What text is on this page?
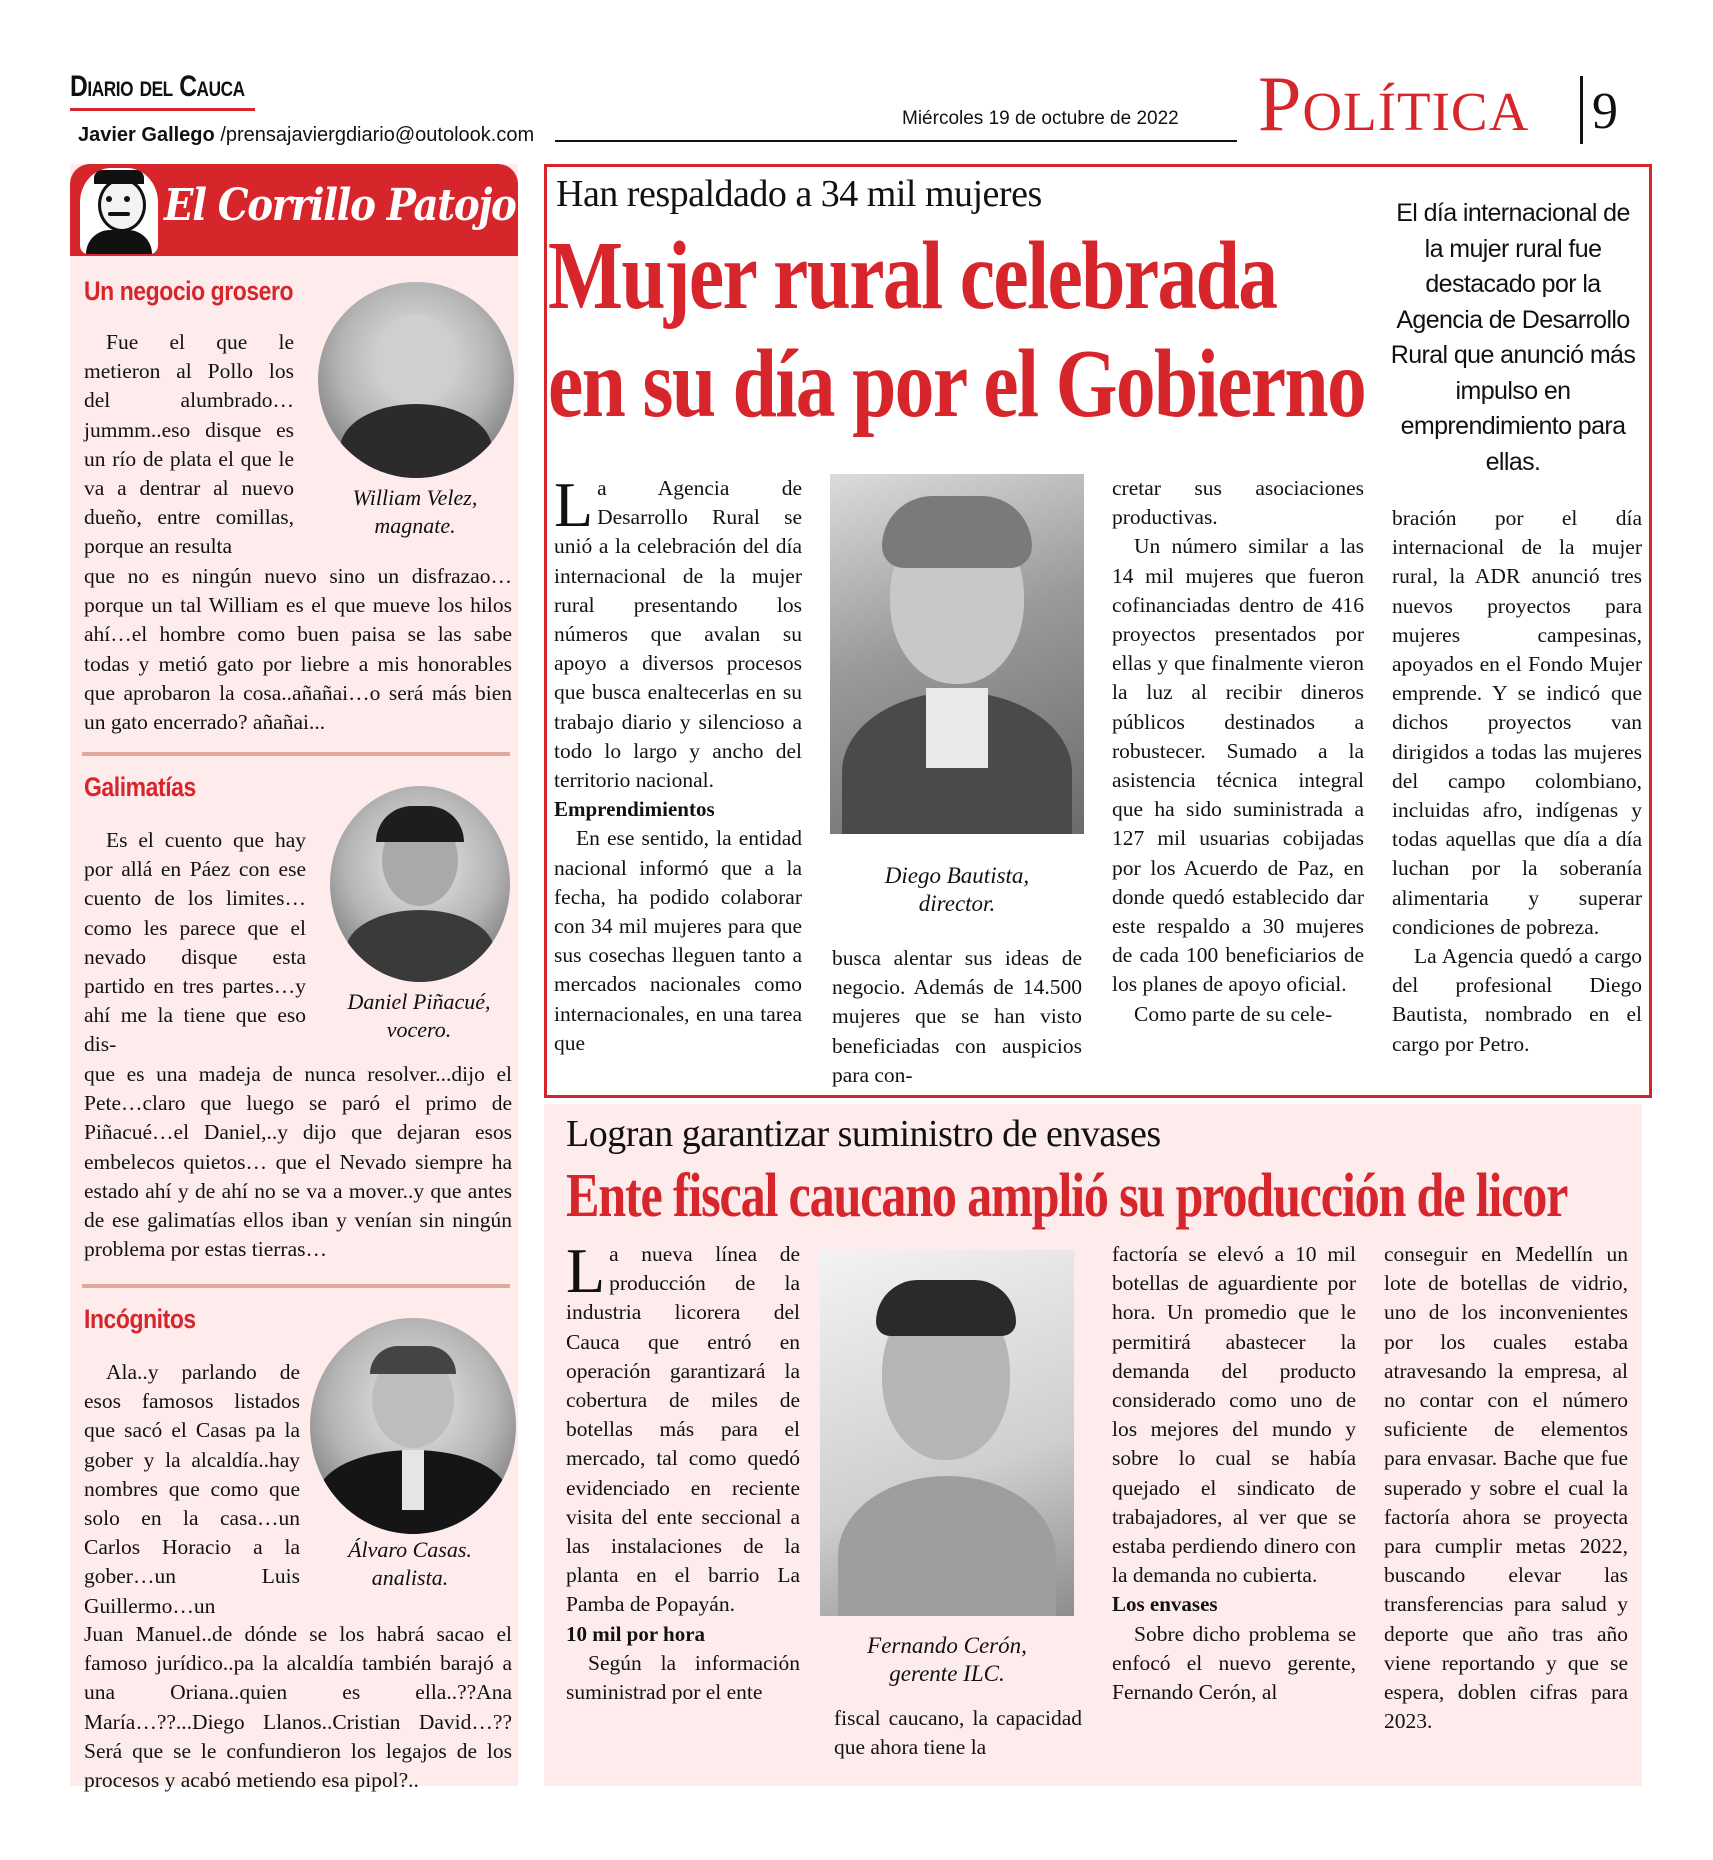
Diario del Cauca
Javier Gallego /prensajaviergdiario@outolook.com
Miércoles 19 de octubre de 2022 Política 9
El Corrillo Patojo
Un negocio grosero
William Velez,
magnate.

Fue el que le metieron al Pollo los del alumbrado… jummm..eso disque es un río de plata el que le va a dentrar al nuevo dueño, entre comillas, porque an resulta

que no es ningún nuevo sino un disfrazao… porque un tal William es el que mueve los hilos ahí…el hombre como buen paisa se las sabe todas y metió gato por liebre a mis honorables que aprobaron la cosa..añañai…o será más bien un gato encerrado? añañai...

Galimatías
Daniel Piñacué,
vocero.

Es el cuento que hay por allá en Páez con ese cuento de los limites…como les parece que el nevado disque esta partido en tres partes…y ahí me la tiene que eso dis-

que es una madeja de nunca resolver...dijo el Pete…claro que luego se paró el primo de Piñacué…el Daniel,..y dijo que dejaran esos embelecos quietos… que el Nevado siempre ha estado ahí y de ahí no se va a mover..y que antes de ese galimatías ellos iban y venían sin ningún problema por estas tierras…

Incógnitos
Álvaro Casas.
analista.

Ala..y parlando de esos famosos listados que sacó el Casas pa la gober y la alcaldía..hay nombres que como que solo en la casa…un Carlos Horacio a la gober…un Luis Guillermo…un

Juan Manuel..de dónde se los habrá sacao el famoso jurídico..pa la alcaldía también barajó a una Oriana..quien es ella..??Ana María…??...Diego Llanos..Cristian David…?? Será que se le confundieron los legajos de los procesos y acabó metiendo esa pipol?..

Han respaldado a 34 mil mujeres
Mujer rural celebrada
en su día por el Gobierno
El día internacional de la mujer rural fue destacado por la Agencia de Desarrollo Rural que anunció más impulso en emprendimiento para ellas.

La Agencia de Desarrollo Rural se unió a la celebración del día internacional de la mujer rural presentando los números que avalan su apoyo a diversos procesos que busca enaltecerlas en su trabajo diario y silencioso a todo lo largo y ancho del territorio nacional.

Emprendimientos

En ese sentido, la entidad nacional informó que a la fecha, ha podido colaborar con 34 mil mujeres para que sus cosechas lleguen tanto a mercados nacionales como internacionales, en una tarea que

Diego Bautista,
director.

busca alentar sus ideas de negocio. Además de 14.500 mujeres que se han visto beneficiadas con auspicios para con-

cretar sus asociaciones productivas.

Un número similar a las 14 mil mujeres que fueron cofinanciadas dentro de 416 proyectos presentados por ellas y que finalmente vieron la luz al recibir dineros públicos destinados a robustecer. Sumado a la asistencia técnica integral que ha sido suministrada a 127 mil usuarias cobijadas por los Acuerdo de Paz, en donde quedó establecido dar este respaldo a 30 mujeres de cada 100 beneficiarios de los planes de apoyo oficial.

Como parte de su cele-

bración por el día internacional de la mujer rural, la ADR anunció tres nuevos proyectos para mujeres campesinas, apoyados en el Fondo Mujer emprende. Y se indicó que dichos proyectos van dirigidos a todas las mujeres del campo colombiano, incluidas afro, indígenas y todas aquellas que día a día luchan por la soberanía alimentaria y superar condiciones de pobreza.

La Agencia quedó a cargo del profesional Diego Bautista, nombrado en el cargo por Petro.

Logran garantizar suministro de envases
Ente fiscal caucano amplió su producción de licor

La nueva línea de producción de la industria licorera del Cauca que entró en operación garantizará la cobertura de miles de botellas más para el mercado, tal como quedó evidenciado en reciente visita del ente seccional a las instalaciones de la planta en el barrio La Pamba de Popayán.

10 mil por hora

Según la información suministrad por el ente

Fernando Cerón,
gerente ILC.

fiscal caucano, la capacidad que ahora tiene la

factoría se elevó a 10 mil botellas de aguardiente por hora. Un promedio que le permitirá abastecer la demanda del producto considerado como uno de los mejores del mundo y sobre lo cual se había quejado el sindicato de trabajadores, al ver que se estaba perdiendo dinero con la demanda no cubierta.

Los envases

Sobre dicho problema se enfocó el nuevo gerente, Fernando Cerón, al

conseguir en Medellín un lote de botellas de vidrio, uno de los inconvenientes por los cuales estaba atravesando la empresa, al no contar con el número suficiente de elementos para envasar. Bache que fue superado y sobre el cual la factoría ahora se proyecta para cumplir metas 2022, buscando elevar las transferencias para salud y deporte que año tras año viene reportando y que se espera, doblen cifras para 2023.
